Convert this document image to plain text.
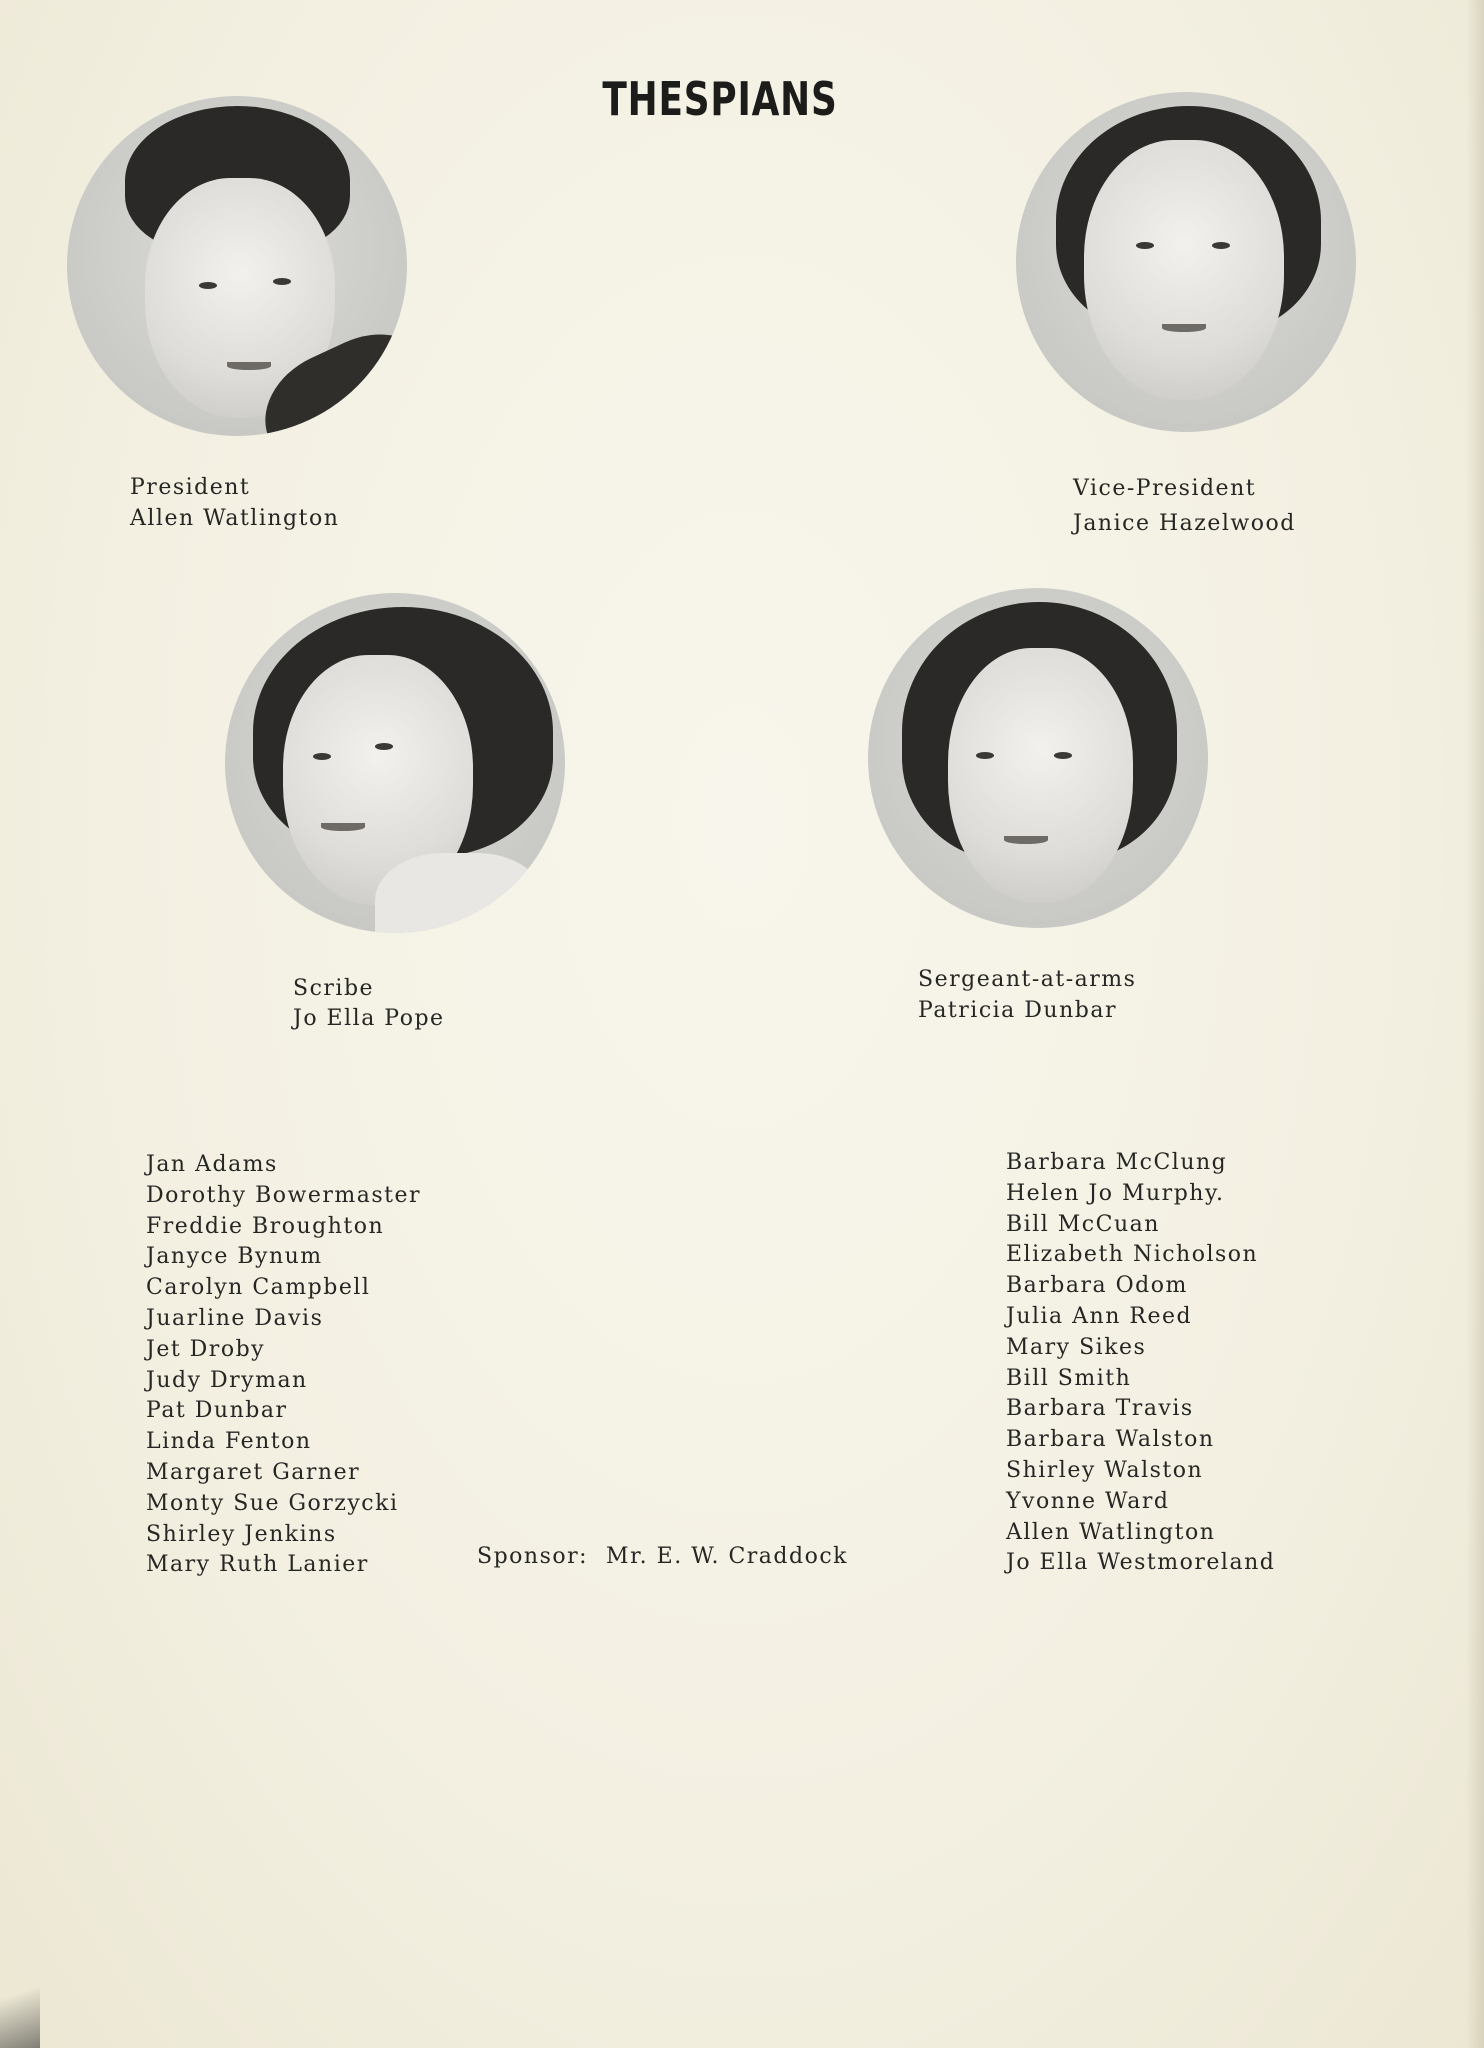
THESPIANS
President
Allen Watlington
Vice-President
Janice Hazelwood
Scribe
Jo Ella Pope
Sergeant-at-arms
Patricia Dunbar
Jan Adams
Dorothy Bowermaster
Freddie Broughton
Janyce Bynum
Carolyn Campbell
Juarline Davis
Jet Droby
Judy Dryman
Pat Dunbar
Linda Fenton
Margaret Garner
Monty Sue Gorzycki
Shirley Jenkins
Mary Ruth Lanier
Barbara McClung
Helen Jo Murphy.
Bill McCuan
Elizabeth Nicholson
Barbara Odom
Julia Ann Reed
Mary Sikes
Bill Smith
Barbara Travis
Barbara Walston
Shirley Walston
Yvonne Ward
Allen Watlington
Jo Ella Westmoreland
Sponsor: Mr. E. W. Craddock
